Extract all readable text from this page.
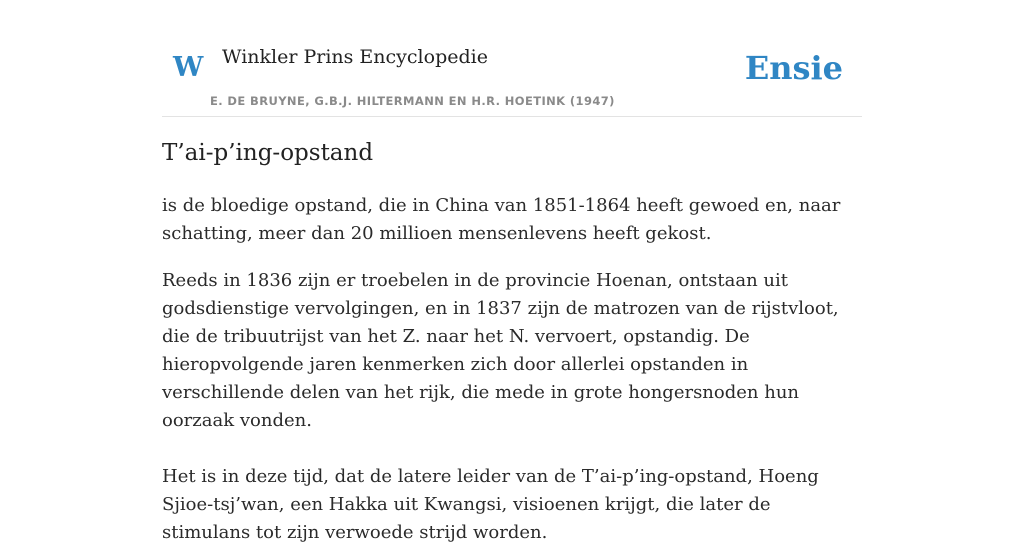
W Winkler Prins Encyclopedie
E. DE BRUYNE, G.B.J. HILTERMANN EN H.R. HOETINK (1947)
Ensie
T’ai-p’ing-opstand

is de bloedige opstand, die in China van 1851-1864 heeft gewoed en, naar schatting, meer dan 20 millioen mensenlevens heeft gekost.

Reeds in 1836 zijn er troebelen in de provincie Hoenan, ontstaan uit godsdienstige vervolgingen, en in 1837 zijn de matrozen van de rijstvloot, die de tribuutrijst van het Z. naar het N. vervoert, opstandig. De hieropvolgende jaren kenmerken zich door allerlei opstanden in verschillende delen van het rijk, die mede in grote hongersnoden hun oorzaak vonden.

Het is in deze tijd, dat de latere leider van de T’ai-p’ing-opstand, Hoeng Sjioe-tsj’wan, een Hakka uit Kwangsi, visioenen krijgt, die later de stimulans tot zijn verwoede strijd worden.
